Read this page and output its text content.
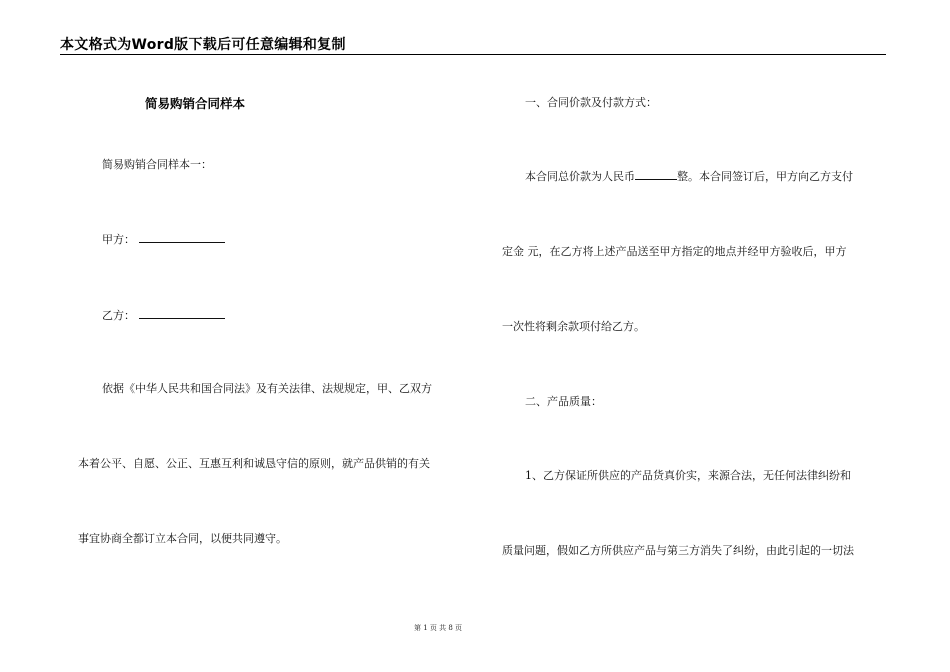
本文格式为Word版下载后可任意编辑和复制
简易购销合同样本
简易购销合同样本一：
甲方：
乙方：
依据《中华人民共和国合同法》及有关法律、法规规定，甲、乙双方
本着公平、自愿、公正、互惠互利和诚恳守信的原则，就产品供销的有关
事宜协商全都订立本合同，以便共同遵守。
一、合同价款及付款方式：
本合同总价款为人民币	整。本合同签订后，甲方向乙方支付
定金 元，在乙方将上述产品送至甲方指定的地点并经甲方验收后，甲方
一次性将剩余款项付给乙方。
二、产品质量：
1、乙方保证所供应的产品货真价实，来源合法，无任何法律纠纷和
质量问题，假如乙方所供应产品与第三方消失了纠纷，由此引起的一切法
第 1 页 共 8 页
